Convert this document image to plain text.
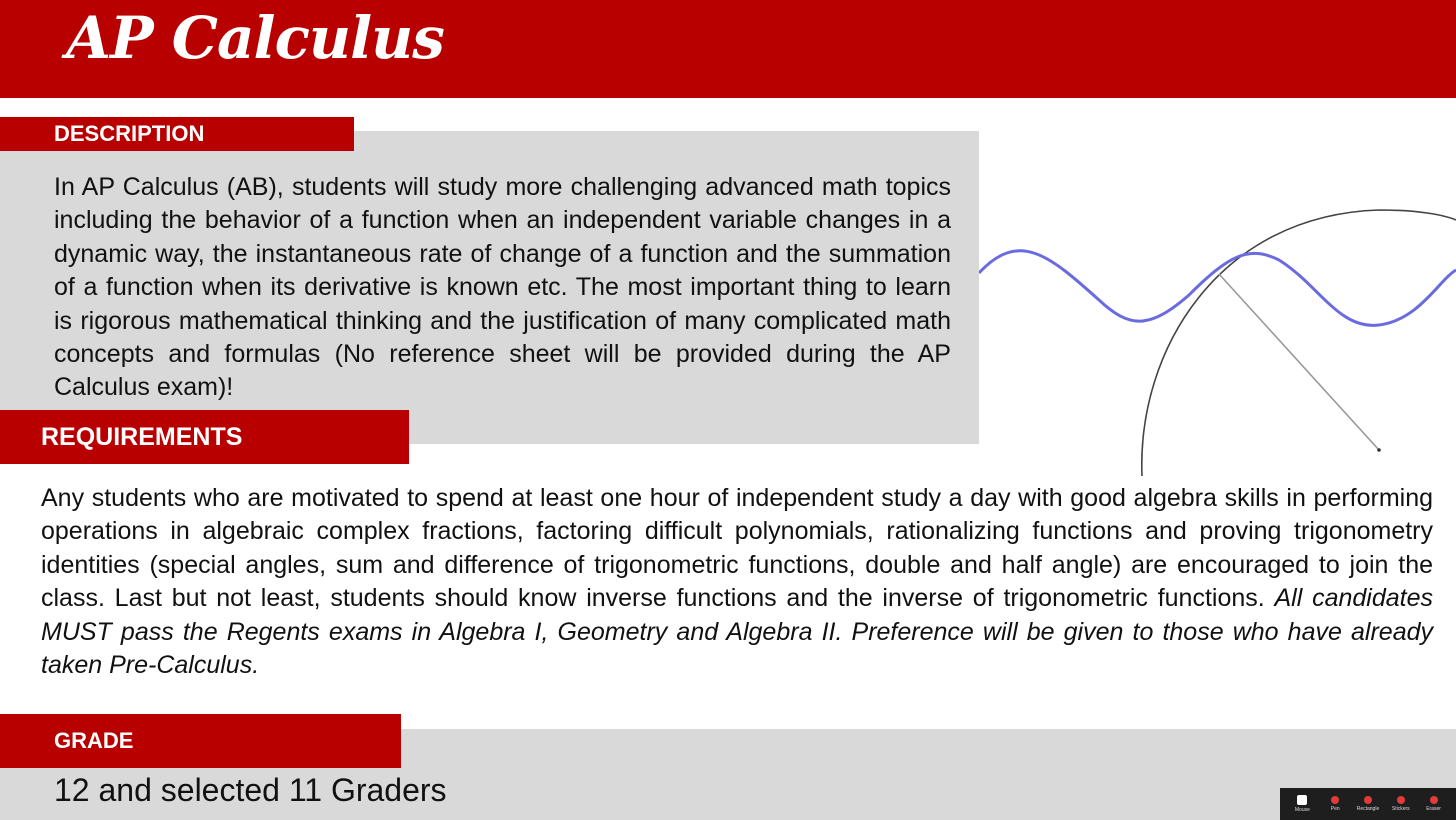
AP Calculus
DESCRIPTION

In AP Calculus (AB), students will study more challenging advanced math topics including the behavior of a function when an independent variable changes in a dynamic way, the instantaneous rate of change of a function and the summation of a function when its derivative is known etc. The most important thing to learn is rigorous mathematical thinking and the justification of many complicated math concepts and formulas (No reference sheet will be provided during the AP Calculus exam)!

REQUIREMENTS

Any students who are motivated to spend at least one hour of independent study a day with good algebra skills in performing operations in algebraic complex fractions, factoring difficult polynomials, rationalizing functions and proving trigonometry identities (special angles, sum and difference of trigonometric functions, double and half angle) are encouraged to join the class. Last but not least, students should know inverse functions and the inverse of trigonometric functions. All candidates MUST pass the Regents exams in Algebra I, Geometry and Algebra II. Preference will be given to those who have already taken Pre-Calculus.

GRADE
12 and selected 11 Graders
Mouse	Pen	Rectangle	Stickers	Eraser
